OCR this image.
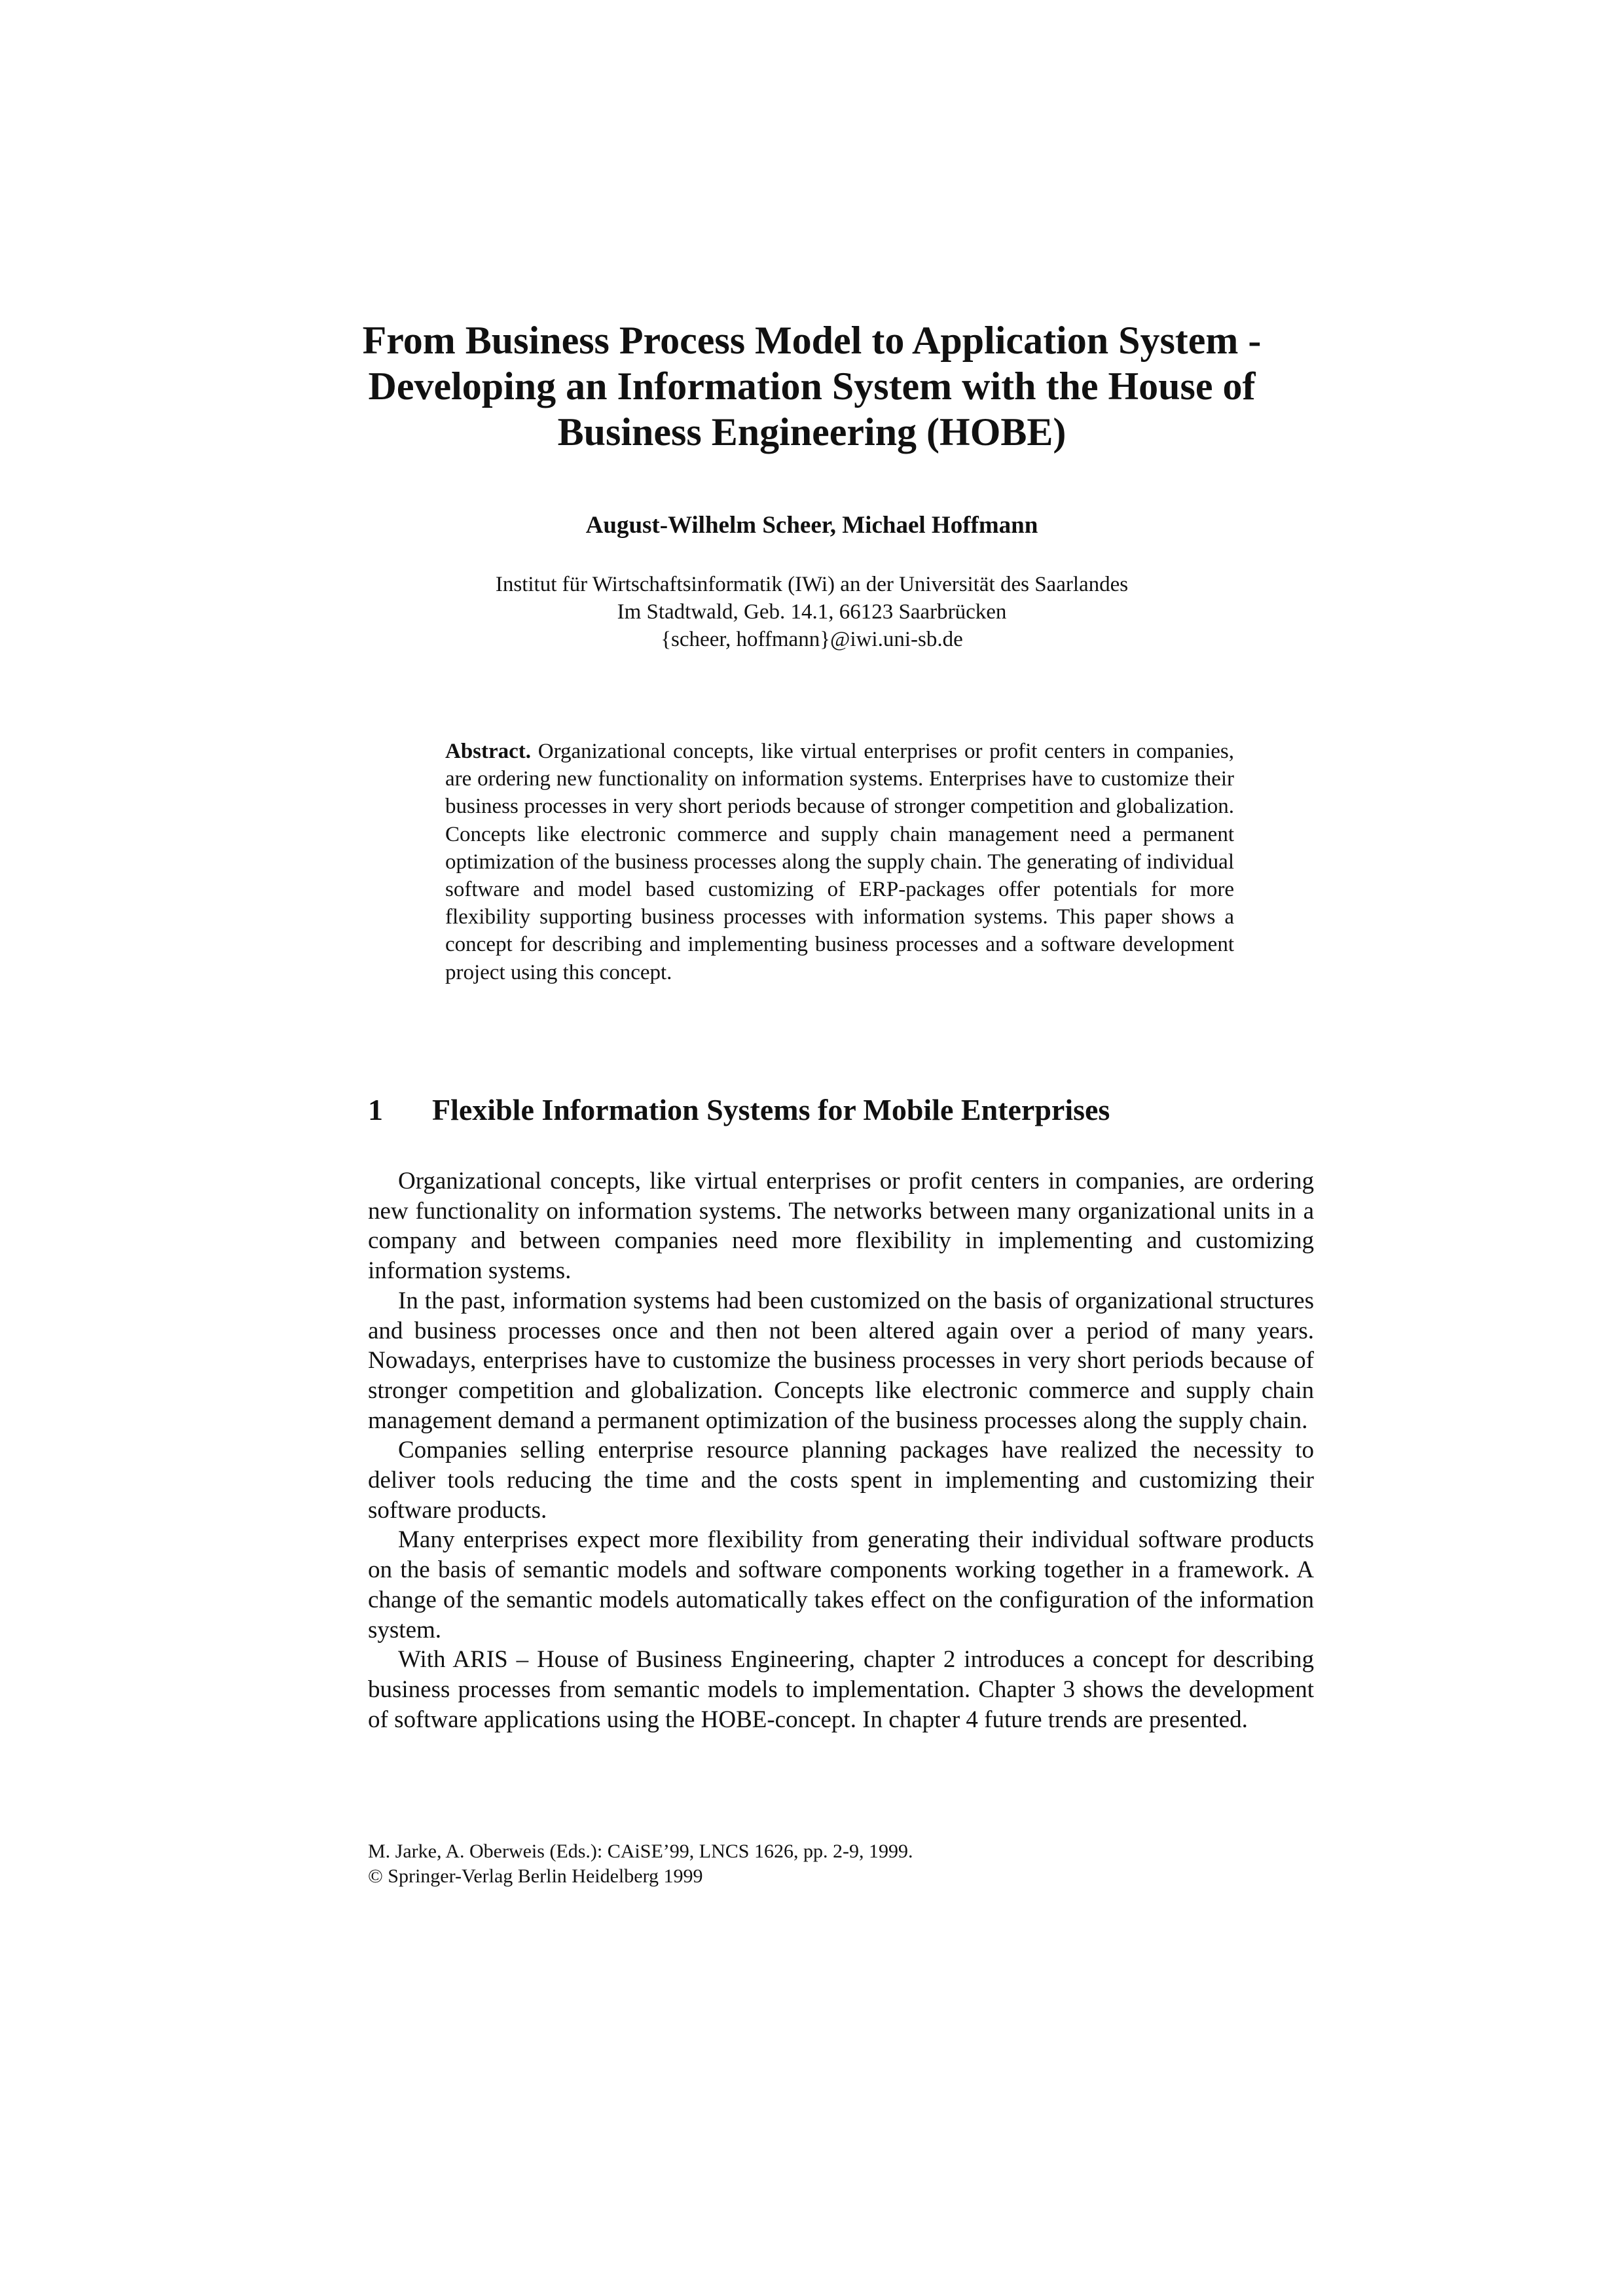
From Business Process Model to Application System -
Developing an Information System with the House of
Business Engineering (HOBE)
August-Wilhelm Scheer, Michael Hoffmann
Institut für Wirtschaftsinformatik (IWi) an der Universität des Saarlandes
Im Stadtwald, Geb. 14.1, 66123 Saarbrücken
{scheer, hoffmann}@iwi.uni-sb.de
Abstract. Organizational concepts, like virtual enterprises or profit centers in companies, are ordering new functionality on information systems. Enterprises have to customize their business processes in very short periods because of stronger competition and globalization. Concepts like electronic commerce and supply chain management need a permanent optimization of the business processes along the supply chain. The generating of individual software and model based customizing of ERP-packages offer potentials for more flexibility supporting business processes with information systems. This paper shows a concept for describing and implementing business processes and a software development project using this concept.
1 Flexible Information Systems for Mobile Enterprises

Organizational concepts, like virtual enterprises or profit centers in companies, are ordering new functionality on information systems. The networks between many organizational units in a company and between companies need more flexibility in implementing and customizing information systems.

In the past, information systems had been customized on the basis of organizational structures and business processes once and then not been altered again over a period of many years. Nowadays, enterprises have to customize the business processes in very short periods because of stronger competition and globalization. Concepts like electronic commerce and supply chain management demand a permanent optimization of the business processes along the supply chain.

Companies selling enterprise resource planning packages have realized the necessity to deliver tools reducing the time and the costs spent in implementing and customizing their software products.

Many enterprises expect more flexibility from generating their individual software products on the basis of semantic models and software components working together in a framework. A change of the semantic models automatically takes effect on the configuration of the information system.

With ARIS – House of Business Engineering, chapter 2 introduces a concept for describing business processes from semantic models to implementation. Chapter 3 shows the development of software applications using the HOBE-concept. In chapter 4 future trends are presented.

M. Jarke, A. Oberweis (Eds.): CAiSE’99, LNCS 1626, pp. 2-9, 1999.
© Springer-Verlag Berlin Heidelberg 1999
